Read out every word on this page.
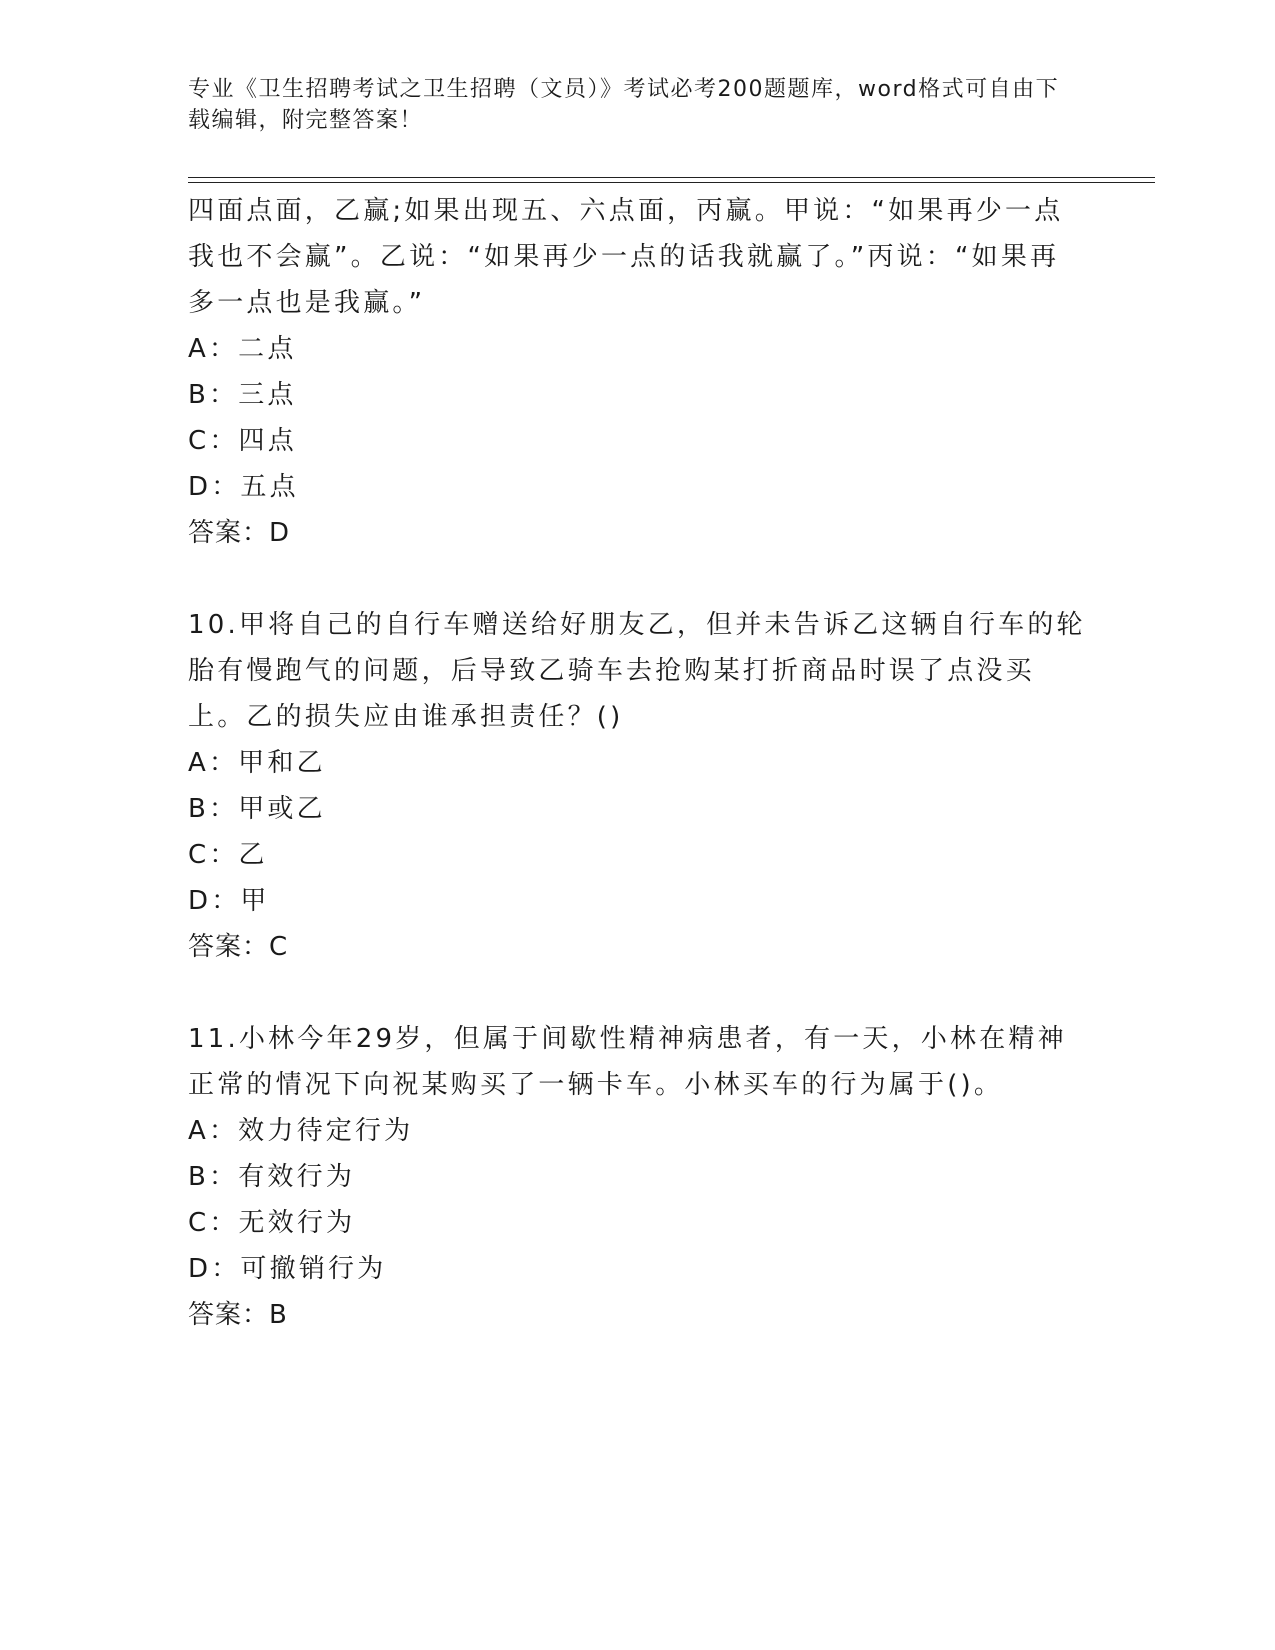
专业《卫生招聘考试之卫生招聘（文员）》考试必考200题题库，word格式可自由下载编辑，附完整答案！
四面点面，乙赢;如果出现五、六点面，丙赢。甲说：“如果再少一点我也不会赢”。乙说：“如果再少一点的话我就赢了。”丙说：“如果再多一点也是我赢。”
A：二点
B：三点
C：四点
D：五点
答案：D
10.甲将自己的自行车赠送给好朋友乙，但并未告诉乙这辆自行车的轮胎有慢跑气的问题，后导致乙骑车去抢购某打折商品时误了点没买上。乙的损失应由谁承担责任？()
A：甲和乙
B：甲或乙
C：乙
D：甲
答案：C
11.小林今年29岁，但属于间歇性精神病患者，有一天，小林在精神正常的情况下向祝某购买了一辆卡车。小林买车的行为属于()。
A：效力待定行为
B：有效行为
C：无效行为
D：可撤销行为
答案：B
